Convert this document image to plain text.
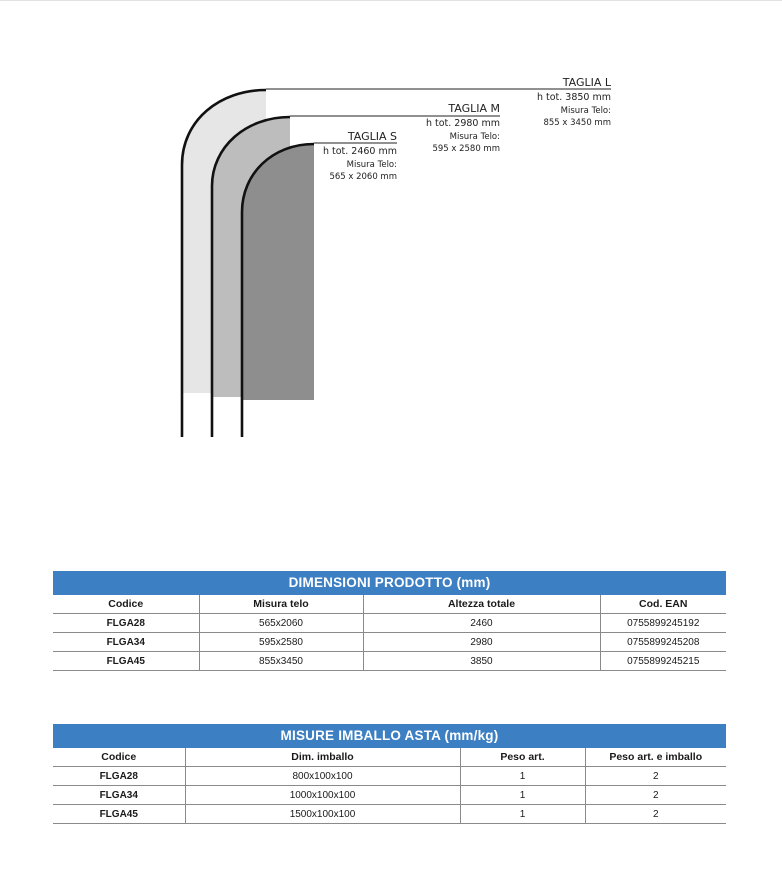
TAGLIA L
h tot. 3850 mm
Misura Telo:
855 x 3450 mm
TAGLIA M
h tot. 2980 mm
Misura Telo:
595 x 2580 mm
TAGLIA S
h tot. 2460 mm
Misura Telo:
565 x 2060 mm
DIMENSIONI PRODOTTO (mm)			
Codice	Misura telo	Altezza totale	Cod. EAN
FLGA28	565x2060	2460	0755899245192
FLGA34	595x2580	2980	0755899245208
FLGA45	855x3450	3850	0755899245215
MISURE IMBALLO ASTA (mm/kg)			
Codice	Dim. imballo	Peso art.	Peso art. e imballo
FLGA28	800x100x100	1	2
FLGA34	1000x100x100	1	2
FLGA45	1500x100x100	1	2
